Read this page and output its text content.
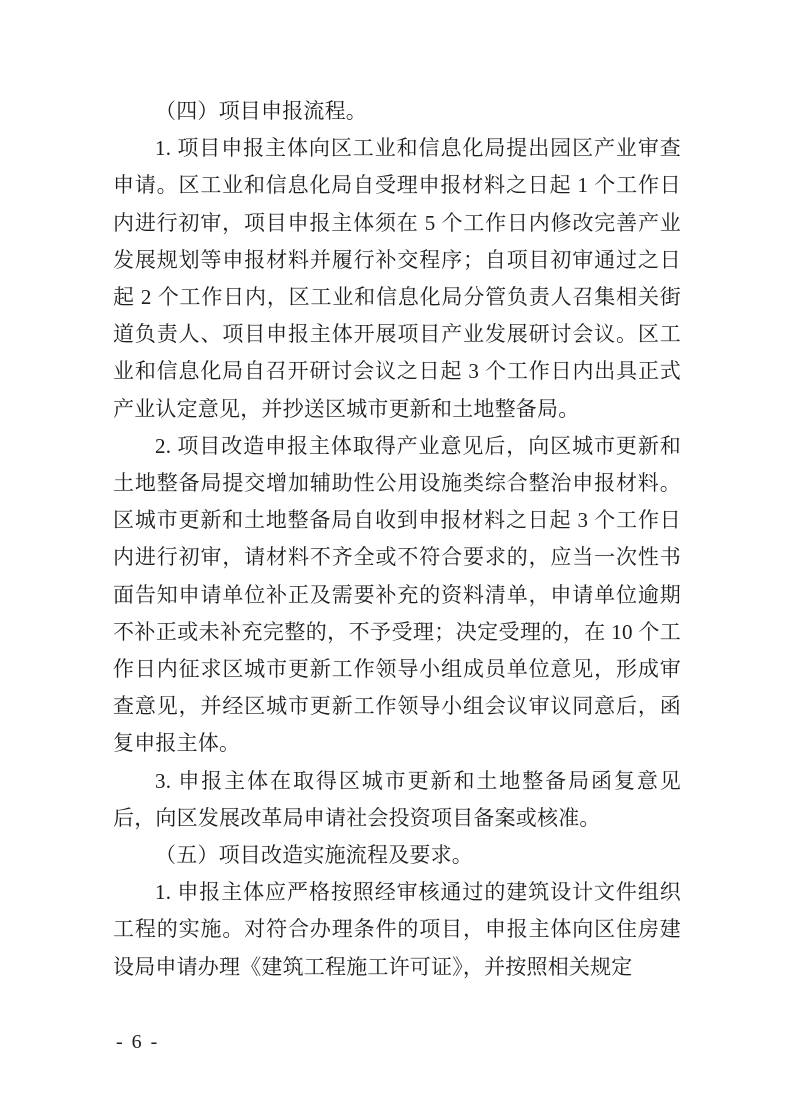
（四）项目申报流程。

1. 项目申报主体向区工业和信息化局提出园区产业审查申请。区工业和信息化局自受理申报材料之日起 1 个工作日内进行初审，项目申报主体须在 5 个工作日内修改完善产业发展规划等申报材料并履行补交程序；自项目初审通过之日起 2 个工作日内，区工业和信息化局分管负责人召集相关街道负责人、项目申报主体开展项目产业发展研讨会议。区工业和信息化局自召开研讨会议之日起 3 个工作日内出具正式产业认定意见，并抄送区城市更新和土地整备局。

2. 项目改造申报主体取得产业意见后，向区城市更新和土地整备局提交增加辅助性公用设施类综合整治申报材料。区城市更新和土地整备局自收到申报材料之日起 3 个工作日内进行初审，请材料不齐全或不符合要求的，应当一次性书面告知申请单位补正及需要补充的资料清单，申请单位逾期不补正或未补充完整的，不予受理；决定受理的，在 10 个工作日内征求区城市更新工作领导小组成员单位意见，形成审查意见，并经区城市更新工作领导小组会议审议同意后，函复申报主体。

3. 申报主体在取得区城市更新和土地整备局函复意见后，向区发展改革局申请社会投资项目备案或核准。

（五）项目改造实施流程及要求。

1. 申报主体应严格按照经审核通过的建筑设计文件组织工程的实施。对符合办理条件的项目，申报主体向区住房建设局申请办理《建筑工程施工许可证》，并按照相关规定

- 6 -
